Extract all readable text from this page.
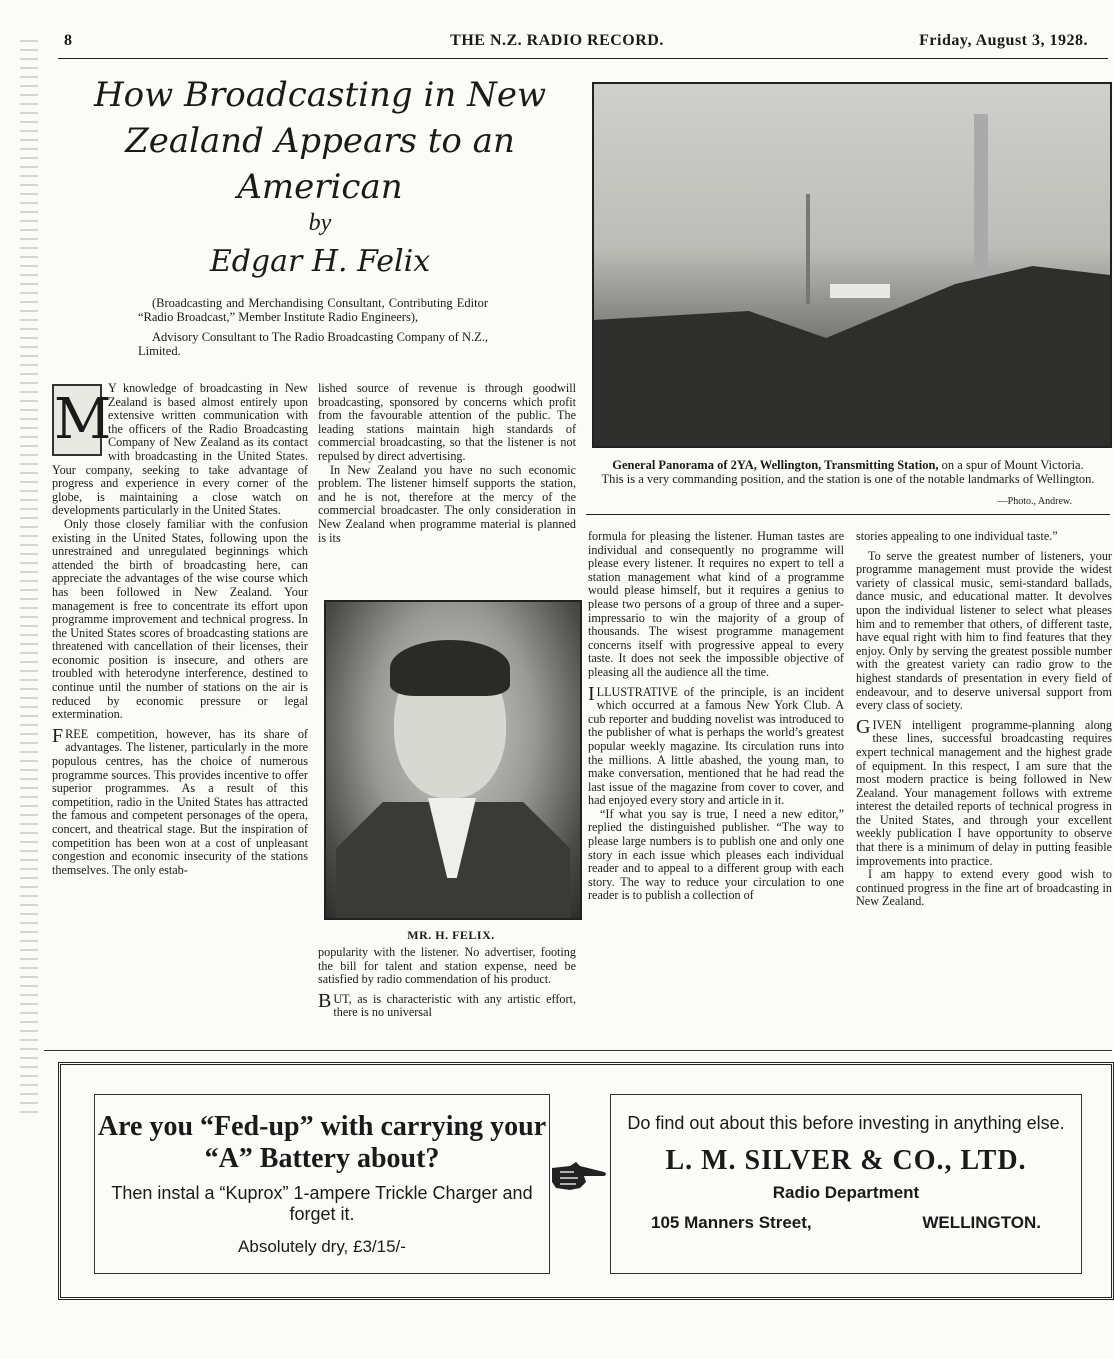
8	THE N.Z. RADIO RECORD.	Friday, August 3, 1928.
How Broadcasting in New
Zealand Appears to an
American
by
Edgar H. Felix

(Broadcasting and Merchandising Consultant, Contributing Editor “Radio Broadcast,” Member Institute Radio Engineers),

Advisory Consultant to The Radio Broadcasting Company of N.Z., Limited.

M

Y knowledge of broadcasting in New Zealand is based almost entirely upon extensive written communication with the officers of the Radio Broadcasting Company of New Zealand as its contact with broadcasting in the United States. Your company, seeking to take advantage of progress and experience in every corner of the globe, is maintaining a close watch on developments particularly in the United States.

Only those closely familiar with the confusion existing in the United States, following upon the unrestrained and unregulated beginnings which attended the birth of broadcasting here, can appreciate the advantages of the wise course which has been followed in New Zealand. Your management is free to concentrate its effort upon programme improvement and technical progress. In the United States scores of broadcasting stations are threatened with cancellation of their licenses, their economic position is insecure, and others are troubled with heterodyne interference, destined to continue until the number of stations on the air is reduced by economic pressure or legal extermination.

FREE competition, however, has its share of advantages. The listener, particularly in the more populous centres, has the choice of numerous programme sources. This provides incentive to offer superior programmes. As a result of this competition, radio in the United States has attracted the famous and competent personages of the opera, concert, and theatrical stage. But the inspiration of competition has been won at a cost of unpleasant congestion and economic insecurity of the stations themselves. The only estab-

lished source of revenue is through goodwill broadcasting, sponsored by concerns which profit from the favourable attention of the public. The leading stations maintain high standards of commercial broadcasting, so that the listener is not repulsed by direct advertising.

In New Zealand you have no such economic problem. The listener himself supports the station, and he is not, therefore at the mercy of the commercial broadcaster. The only consideration in New Zealand when programme material is planned is its

MR. H. FELIX.

popularity with the listener. No advertiser, footing the bill for talent and station expense, need be satisfied by radio commendation of his product.

BUT, as is characteristic with any artistic effort, there is no universal

General Panorama of 2YA, Wellington, Transmitting Station, on a spur of Mount Victoria. This is a very commanding position, and the station is one of the notable landmarks of Wellington.
—Photo., Andrew.

formula for pleasing the listener. Human tastes are individual and consequently no programme will please every listener. It requires no expert to tell a station management what kind of a programme would please himself, but it requires a genius to please two persons of a group of three and a super-impressario to win the majority of a group of thousands. The wisest programme management concerns itself with progressive appeal to every taste. It does not seek the impossible objective of pleasing all the audience all the time.

ILLUSTRATIVE of the principle, is an incident which occurred at a famous New York Club. A cub reporter and budding novelist was introduced to the publisher of what is perhaps the world’s greatest popular weekly magazine. Its circulation runs into the millions. A little abashed, the young man, to make conversation, mentioned that he had read the last issue of the magazine from cover to cover, and had enjoyed every story and article in it.

“If what you say is true, I need a new editor,” replied the distinguished publisher. “The way to please large numbers is to publish one and only one story in each issue which pleases each individual reader and to appeal to a different group with each story. The way to reduce your circulation to one reader is to publish a collection of

stories appealing to one individual taste.”

To serve the greatest number of listeners, your programme management must provide the widest variety of classical music, semi-standard ballads, dance music, and educational matter. It devolves upon the individual listener to select what pleases him and to remember that others, of different taste, have equal right with him to find features that they enjoy. Only by serving the greatest possible number with the greatest variety can radio grow to the highest standards of presentation in every field of endeavour, and to deserve universal support from every class of society.

GIVEN intelligent programme-planning along these lines, successful broadcasting requires expert technical management and the highest grade of equipment. In this respect, I am sure that the most modern practice is being followed in New Zealand. Your management follows with extreme interest the detailed reports of technical progress in the United States, and through your excellent weekly publication I have opportunity to observe that there is a minimum of delay in putting feasible improvements into practice.

I am happy to extend every good wish to continued progress in the fine art of broadcasting in New Zealand.

Are you “Fed-up” with carrying your “A” Battery about?
Then instal a “Kuprox” 1-ampere Trickle Charger and forget it.
Absolutely dry, £3/15/-
Do find out about this before investing in anything else.
L. M. SILVER & CO., LTD.
Radio Department
105 Manners Street,	WELLINGTON.
